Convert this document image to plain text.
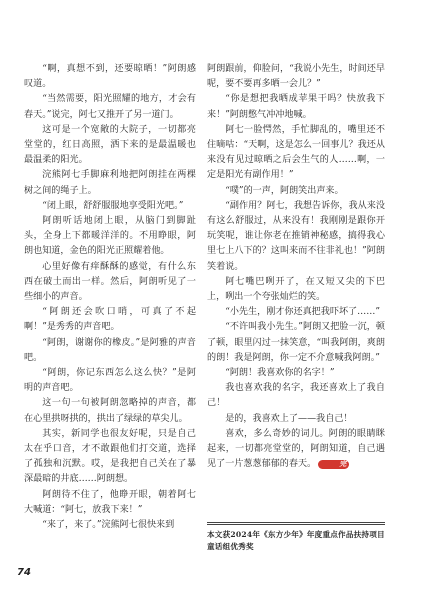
“啊，真想不到，还要晾晒！”阿朗感叹道。

“当然需要，阳光照耀的地方，才会有春天。”说完，阿七又推开了另一道门。

这可是一个宽敞的大院子，一切都亮堂堂的，红日高照，洒下来的是最温暖也最温柔的阳光。

浣熊阿七手脚麻利地把阿朗挂在两棵树之间的绳子上。

“闭上眼，舒舒服服地享受阳光吧。”

阿朗听话地闭上眼，从脑门到脚趾头，全身上下都暖洋洋的。不用睁眼，阿朗也知道，金色的阳光正照耀着他。

心里好像有痒酥酥的感觉，有什么东西在破土而出一样。然后，阿朗听见了一些细小的声音。

“阿朗还会吹口哨，可真了不起啊！”是秀秀的声音吧。

“阿朗，谢谢你的橡皮。”是阿雅的声音吧。

“阿朗，你记东西怎么这么快？”是阿明的声音吧。

这一句一句被阿朗忽略掉的声音，都在心里拱呀拱的，拱出了绿绿的草尖儿。

其实，新同学也很友好呢，只是自己太在乎口音，才不敢跟他们打交道，选择了孤独和沉默。哎，是我把自己关在了暴深最暗的井底……阿朗想。

阿朗待不住了，他睁开眼，朝着阿七大喊道：“阿七，放我下来！”

“来了，来了。”浣熊阿七很快来到

阿朗跟前，仰脸问，“我说小先生，时间还早呢，要不要再多晒一会儿？”

“你是想把我晒成苹果干吗？快放我下来！”阿朗憋气冲冲地喊。

阿七一脸愕然，手忙脚乱的，嘴里还不住嘀咕：“天啊，这是怎么一回事儿？我还从来没有见过晾晒之后会生气的人……啊，一定是阳光有副作用！”

“噗”的一声，阿朗笑出声来。

“副作用？阿七，我想告诉你，我从来没有这么舒服过，从来没有！我刚刚是跟你开玩笑呢，谁让你老在推销神秘感，搞得我心里七上八下的？这叫来而不往非礼也！”阿朗笑着说。

阿七嘴巴咧开了，在又短又尖的下巴上，咧出一个夸张灿烂的笑。

“小先生，刚才你还真把我吓坏了……”

“不许叫我小先生。”阿朗又把脸一沉，顿了顿，眼里闪过一抹笑意，“叫我阿朗，爽朗的朗！我是阿朗，你一定不介意喊我阿朗。”

“阿朗！我喜欢你的名字！”

我也喜欢我的名字，我还喜欢上了我自己！

是的，我喜欢上了——我自己！

喜欢，多么奇妙的词儿。阿朗的眼睛眯起来，一切都亮堂堂的，阿朗知道，自己遇见了一片葱葱郁郁的春天。	完

本文获2024年《东方少年》年度重点作品扶持项目童话组优秀奖
74
